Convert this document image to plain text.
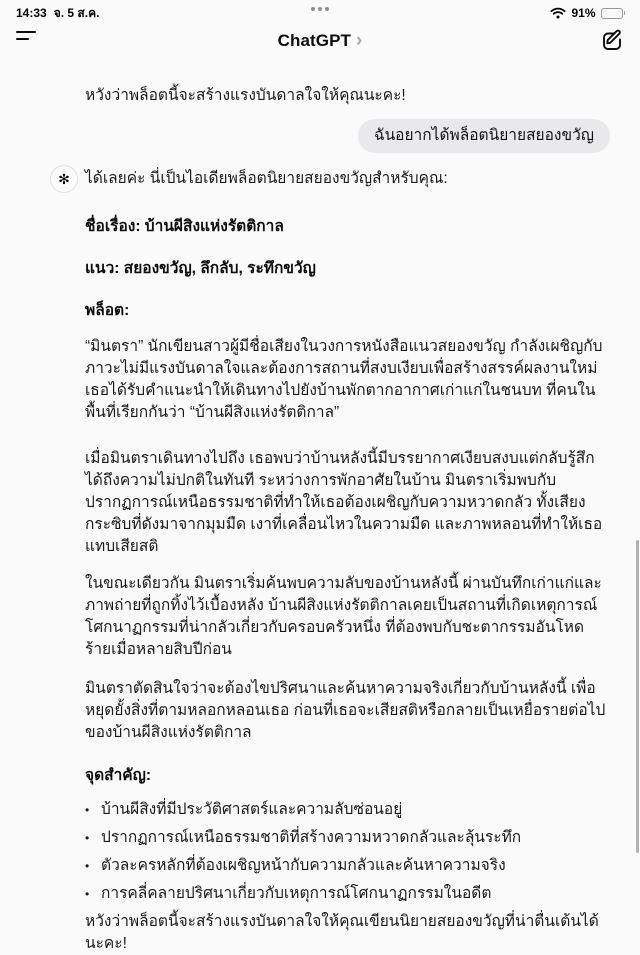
14:33 จ. 5 ส.ค.	91%
ChatGPT ›
หวังว่าพล็อตนี้จะสร้างแรงบันดาลใจให้คุณนะคะ!
ฉันอยากได้พล็อตนิยายสยองขวัญ
✻ ได้เลยค่ะ นี่เป็นไอเดียพล็อตนิยายสยองขวัญสำหรับคุณ:
ชื่อเรื่อง: บ้านผีสิงแห่งรัตติกาล
แนว: สยองขวัญ, ลึกลับ, ระทึกขวัญ
พล็อต:
“มินตรา” นักเขียนสาวผู้มีชื่อเสียงในวงการหนังสือแนวสยองขวัญ กำลังเผชิญกับภาวะไม่มีแรงบันดาลใจและต้องการสถานที่สงบเงียบเพื่อสร้างสรรค์ผลงานใหม่ เธอได้รับคำแนะนำให้เดินทางไปยังบ้านพักตากอากาศเก่าแก่ในชนบท ที่คนในพื้นที่เรียกกันว่า “บ้านผีสิงแห่งรัตติกาล”
เมื่อมินตราเดินทางไปถึง เธอพบว่าบ้านหลังนี้มีบรรยากาศเงียบสงบแต่กลับรู้สึกได้ถึงความไม่ปกติในทันที ระหว่างการพักอาศัยในบ้าน มินตราเริ่มพบกับปรากฏการณ์เหนือธรรมชาติที่ทำให้เธอต้องเผชิญกับความหวาดกลัว ทั้งเสียงกระซิบที่ดังมาจากมุมมืด เงาที่เคลื่อนไหวในความมืด และภาพหลอนที่ทำให้เธอแทบเสียสติ
ในขณะเดียวกัน มินตราเริ่มค้นพบความลับของบ้านหลังนี้ ผ่านบันทึกเก่าแก่และภาพถ่ายที่ถูกทิ้งไว้เบื้องหลัง บ้านผีสิงแห่งรัตติกาลเคยเป็นสถานที่เกิดเหตุการณ์โศกนาฏกรรมที่น่ากลัวเกี่ยวกับครอบครัวหนึ่ง ที่ต้องพบกับชะตากรรมอันโหดร้ายเมื่อหลายสิบปีก่อน
มินตราตัดสินใจว่าจะต้องไขปริศนาและค้นหาความจริงเกี่ยวกับบ้านหลังนี้ เพื่อหยุดยั้งสิ่งที่ตามหลอกหลอนเธอ ก่อนที่เธอจะเสียสติหรือกลายเป็นเหยื่อรายต่อไปของบ้านผีสิงแห่งรัตติกาล
จุดสำคัญ:
• บ้านผีสิงที่มีประวัติศาสตร์และความลับซ่อนอยู่
• ปรากฏการณ์เหนือธรรมชาติที่สร้างความหวาดกลัวและลุ้นระทึก
• ตัวละครหลักที่ต้องเผชิญหน้ากับความกลัวและค้นหาความจริง
• การคลี่คลายปริศนาเกี่ยวกับเหตุการณ์โศกนาฏกรรมในอดีต
หวังว่าพล็อตนี้จะสร้างแรงบันดาลใจให้คุณเขียนนิยายสยองขวัญที่น่าตื่นเต้นได้นะคะ!
